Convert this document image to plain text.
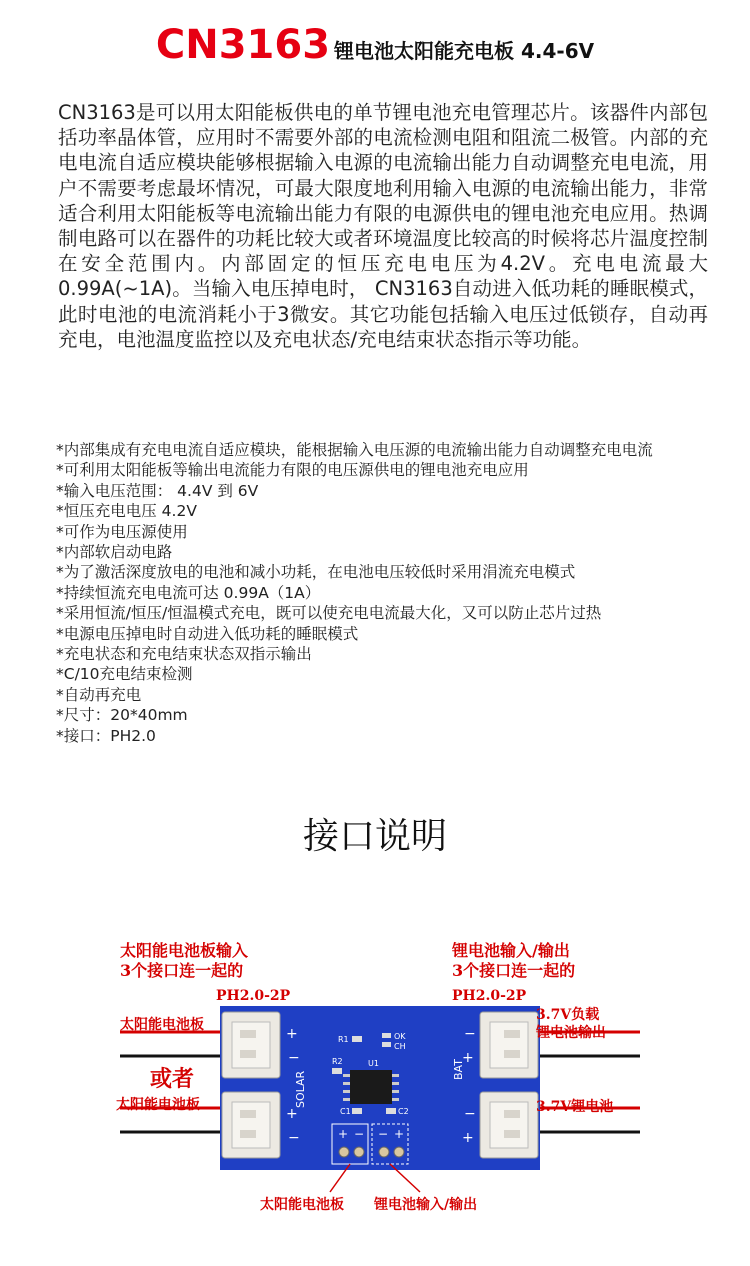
CN3163 锂电池太阳能充电板 4.4-6V
CN3163是可以用太阳能板供电的单节锂电池充电管理芯片。该器件内部包括功率晶体管，应用时不需要外部的电流检测电阻和阻流二极管。内部的充电电流自适应模块能够根据输入电源的电流输出能力自动调整充电电流，用户不需要考虑最坏情况，可最大限度地利用输入电源的电流输出能力，非常适合利用太阳能板等电流输出能力有限的电源供电的锂电池充电应用。热调制电路可以在器件的功耗比较大或者环境温度比较高的时候将芯片温度控制在安全范围内。内部固定的恒压充电电压为4.2V。充电电流最大0.99A(~1A)。当输入电压掉电时， CN3163自动进入低功耗的睡眠模式，此时电池的电流消耗小于3微安。其它功能包括输入电压过低锁存，自动再充电，电池温度监控以及充电状态/充电结束状态指示等功能。
*内部集成有充电电流自适应模块，能根据输入电压源的电流输出能力自动调整充电电流
*可利用太阳能板等输出电流能力有限的电压源供电的锂电池充电应用
*输入电压范围： 4.4V 到 6V
*恒压充电电压 4.2V
*可作为电压源使用
*内部软启动电路
*为了激活深度放电的电池和减小功耗，在电池电压较低时采用涓流充电模式
*持续恒流充电电流可达 0.99A（1A）
*采用恒流/恒压/恒温模式充电，既可以使充电电流最大化，又可以防止芯片过热
*电源电压掉电时自动进入低功耗的睡眠模式
*充电状态和充电结束状态双指示输出
*C/10充电结束检测
*自动再充电
*尺寸：20*40mm
*接口：PH2.0
接口说明
SOLAR
BAT
+
−
+
−
−
+
−
+
R1	OK
CH
R2	U1
C1	C2
+ − − +
太阳能电池板输入
3个接口连一起的
锂电池输入/输出
3个接口连一起的
PH2.0-2P	PH2.0-2P
太阳能电池板
或者
太阳能电池板
3.7V负载
锂电池输出
3.7V锂电池
太阳能电池板 锂电池输入/输出
